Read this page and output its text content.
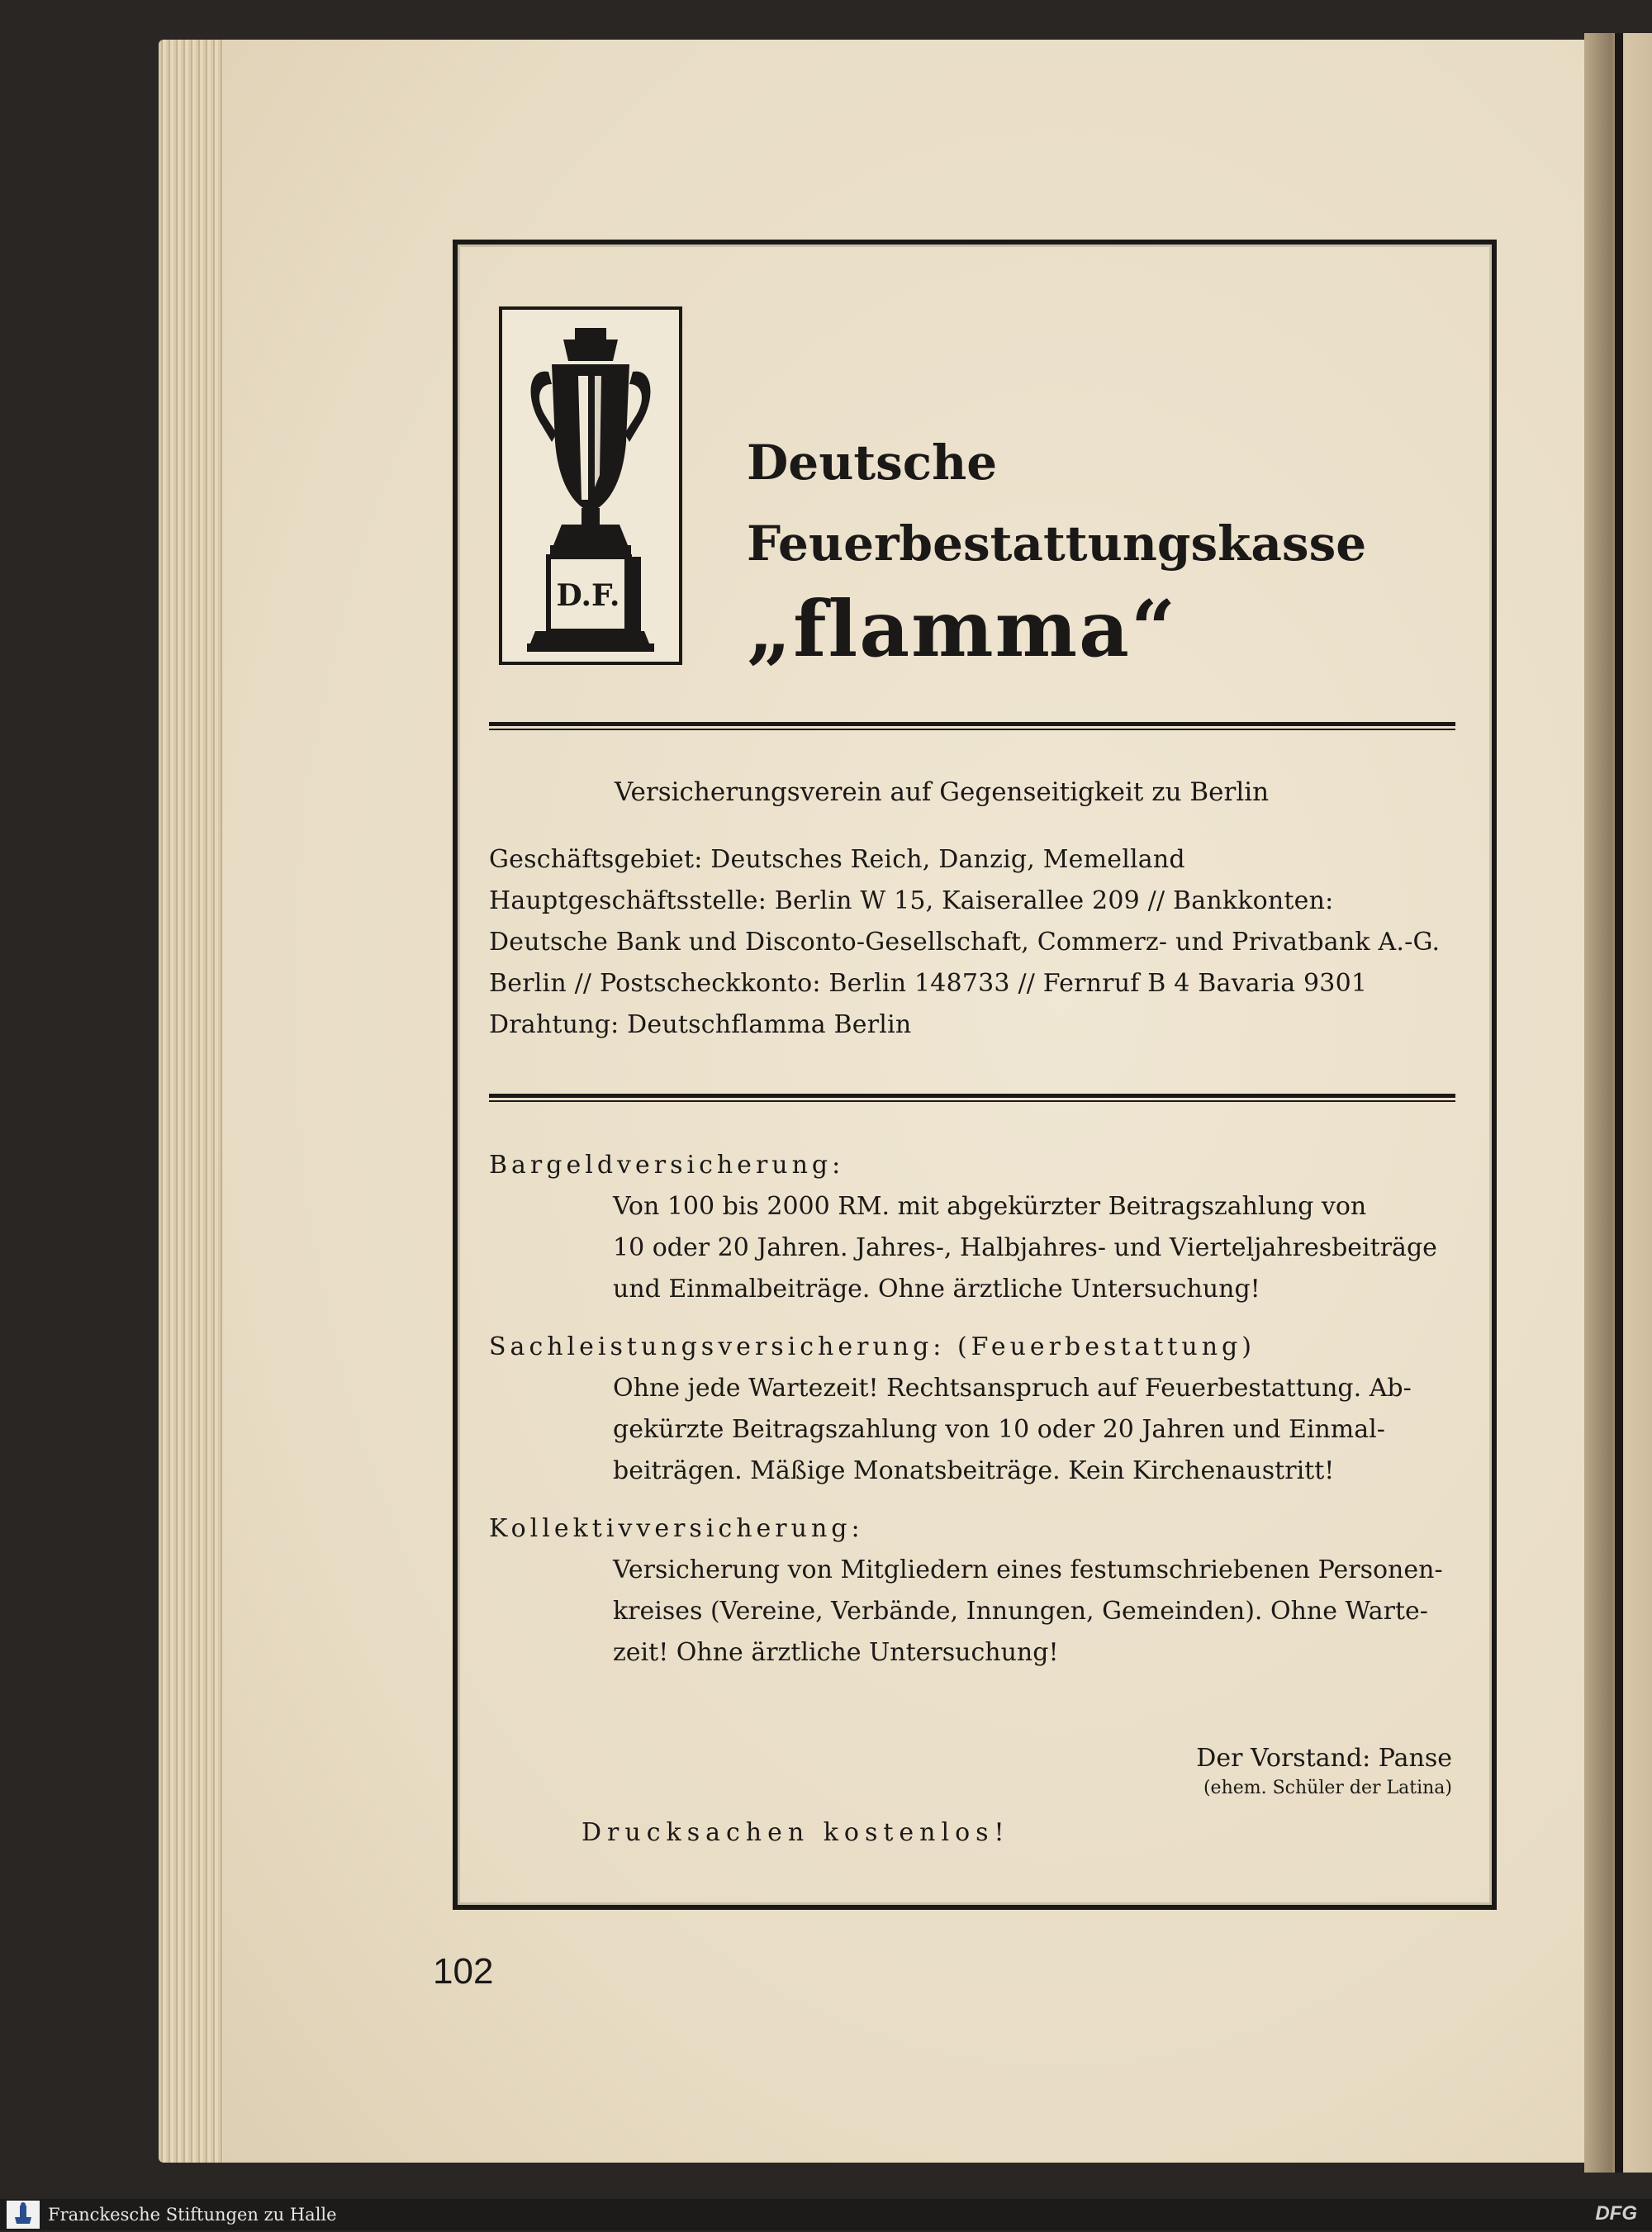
D.F.
Deutsche
Feuerbestattungskasse
„flamma“
Versicherungsverein auf Gegenseitigkeit zu Berlin
Geschäftsgebiet: Deutsches Reich, Danzig, Memelland
Hauptgeschäftsstelle: Berlin W 15, Kaiserallee 209 // Bankkonten:
Deutsche Bank und Disconto-Gesellschaft, Commerz- und Privatbank A.-G.
Berlin // Postscheckkonto: Berlin 148733 // Fernruf B 4 Bavaria 9301
Drahtung: Deutschflamma Berlin
Bargeldversicherung:
Von 100 bis 2000 RM. mit abgekürzter Beitragszahlung von
10 oder 20 Jahren. Jahres-, Halbjahres- und Vierteljahresbeiträge
und Einmalbeiträge. Ohne ärztliche Untersuchung!
Sachleistungsversicherung: (Feuerbestattung)
Ohne jede Wartezeit! Rechtsanspruch auf Feuerbestattung. Ab-
gekürzte Beitragszahlung von 10 oder 20 Jahren und Einmal-
beiträgen. Mäßige Monatsbeiträge. Kein Kirchenaustritt!
Kollektivversicherung:
Versicherung von Mitgliedern eines festumschriebenen Personen-
kreises (Vereine, Verbände, Innungen, Gemeinden). Ohne Warte-
zeit! Ohne ärztliche Untersuchung!
Der Vorstand: Panse
(ehem. Schüler der Latina)
Drucksachen kostenlos!
102
Franckesche Stiftungen zu Halle	DFG
